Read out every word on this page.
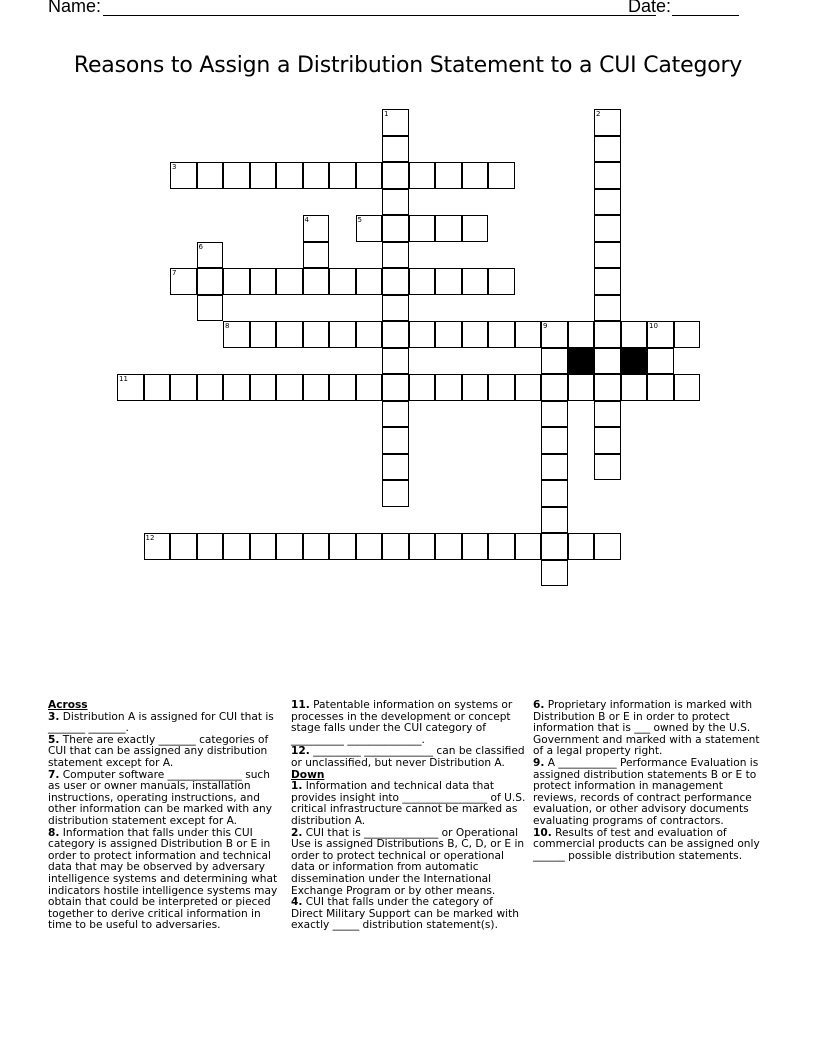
Name:	Date:
Reasons to Assign a Distribution Statement to a CUI Category
1	2
3
4	5
6
7
8	9	10
11
12
Across
3. Distribution A is assigned for CUI that is _______ _______.
5. There are exactly _______ categories of CUI that can be assigned any distribution statement except for A.
7. Computer software ______________ such as user or owner manuals, installation instructions, operating instructions, and other information can be marked with any distribution statement except for A.
8. Information that falls under this CUI category is assigned Distribution B or E in order to protect information and technical data that may be observed by adversary intelligence systems and determining what indicators hostile intelligence systems may obtain that could be interpreted or pieced together to derive critical information in time to be useful to adversaries.
11. Patentable information on systems or processes in the development or concept stage falls under the CUI category of __________ ______________.
12. _________ _____________ can be classified or unclassified, but never Distribution A.
Down
1. Information and technical data that provides insight into ________________ of U.S. critical infrastructure cannot be marked as distribution A.
2. CUI that is ______________ or Operational Use is assigned Distributions B, C, D, or E in order to protect technical or operational data or information from automatic dissemination under the International Exchange Program or by other means.
4. CUI that falls under the category of Direct Military Support can be marked with exactly _____ distribution statement(s).
6. Proprietary information is marked with Distribution B or E in order to protect information that is ___ owned by the U.S. Government and marked with a statement of a legal property right.
9. A ___________ Performance Evaluation is assigned distribution statements B or E to protect information in management reviews, records of contract performance evaluation, or other advisory documents evaluating programs of contractors.
10. Results of test and evaluation of commercial products can be assigned only ______ possible distribution statements.
